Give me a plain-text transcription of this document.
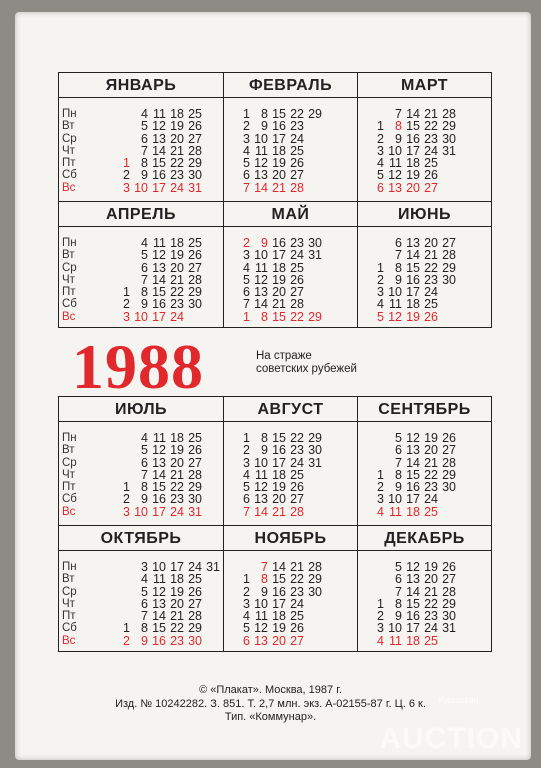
Пн
Вт
Ср
Чт
Пт
Сб
Вс
ЯНВАРЬ
4 11 18 25
5 12 19 26
6 13 20 27
7 14 21 28
1 8 15 22 29
2 9 16 23 30
3 10 17 24 31
ФЕВРАЛЬ
1 8 15 22 29
2 9 16 23
3 10 17 24
4 11 18 25
5 12 19 26
6 13 20 27
7 14 21 28
МАРТ
7 14 21 28
1 8 15 22 29
2 9 16 23 30
3 10 17 24 31
4 11 18 25
5 12 19 26
6 13 20 27
Пн
Вт
Ср
Чт
Пт
Сб
Вс
АПРЕЛЬ
4 11 18 25
5 12 19 26
6 13 20 27
7 14 21 28
1 8 15 22 29
2 9 16 23 30
3 10 17 24
МАЙ
2 9 16 23 30
3 10 17 24 31
4 11 18 25
5 12 19 26
6 13 20 27
7 14 21 28
1 8 15 22 29
ИЮНЬ
6 13 20 27
7 14 21 28
1 8 15 22 29
2 9 16 23 30
3 10 17 24
4 11 18 25
5 12 19 26
Пн
Вт
Ср
Чт
Пт
Сб
Вс
ИЮЛЬ
4 11 18 25
5 12 19 26
6 13 20 27
7 14 21 28
1 8 15 22 29
2 9 16 23 30
3 10 17 24 31
АВГУСТ
1 8 15 22 29
2 9 16 23 30
3 10 17 24 31
4 11 18 25
5 12 19 26
6 13 20 27
7 14 21 28
СЕНТЯБРЬ
5 12 19 26
6 13 20 27
7 14 21 28
1 8 15 22 29
2 9 16 23 30
3 10 17 24
4 11 18 25
Пн
Вт
Ср
Чт
Пт
Сб
Вс
ОКТЯБРЬ
3 10 17 24 31
4 11 18 25
5 12 19 26
6 13 20 27
7 14 21 28
1 8 15 22 29
2 9 16 23 30
НОЯБРЬ
7 14 21 28
1 8 15 22 29
2 9 16 23 30
3 10 17 24
4 11 18 25
5 12 19 26
6 13 20 27
ДЕКАБРЬ
5 12 19 26
6 13 20 27
7 14 21 28
1 8 15 22 29
2 9 16 23 30
3 10 17 24 31
4 11 18 25
1988	На страже
советских рубежей
© «Плакат». Москва, 1987 г.
Изд. № 10242282. З. 851. Т. 2,7 млн. экз. А-02155-87 г. Ц. 6 к.
Тип. «Коммунар».
Куршскан
AUCTION
